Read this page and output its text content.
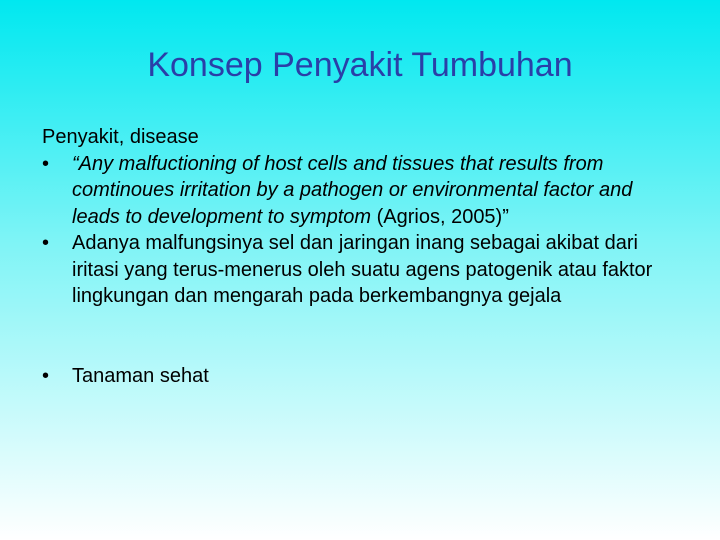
Konsep Penyakit Tumbuhan

Penyakit, disease

•	“Any malfuctioning of host cells and tissues that results from comtinoues irritation by a pathogen or environmental factor and leads to development to symptom (Agrios, 2005)”

•	Adanya malfungsinya sel dan jaringan inang sebagai akibat dari iritasi yang terus-menerus oleh suatu agens patogenik atau faktor lingkungan dan mengarah pada berkembangnya gejala

•	Tanaman sehat
